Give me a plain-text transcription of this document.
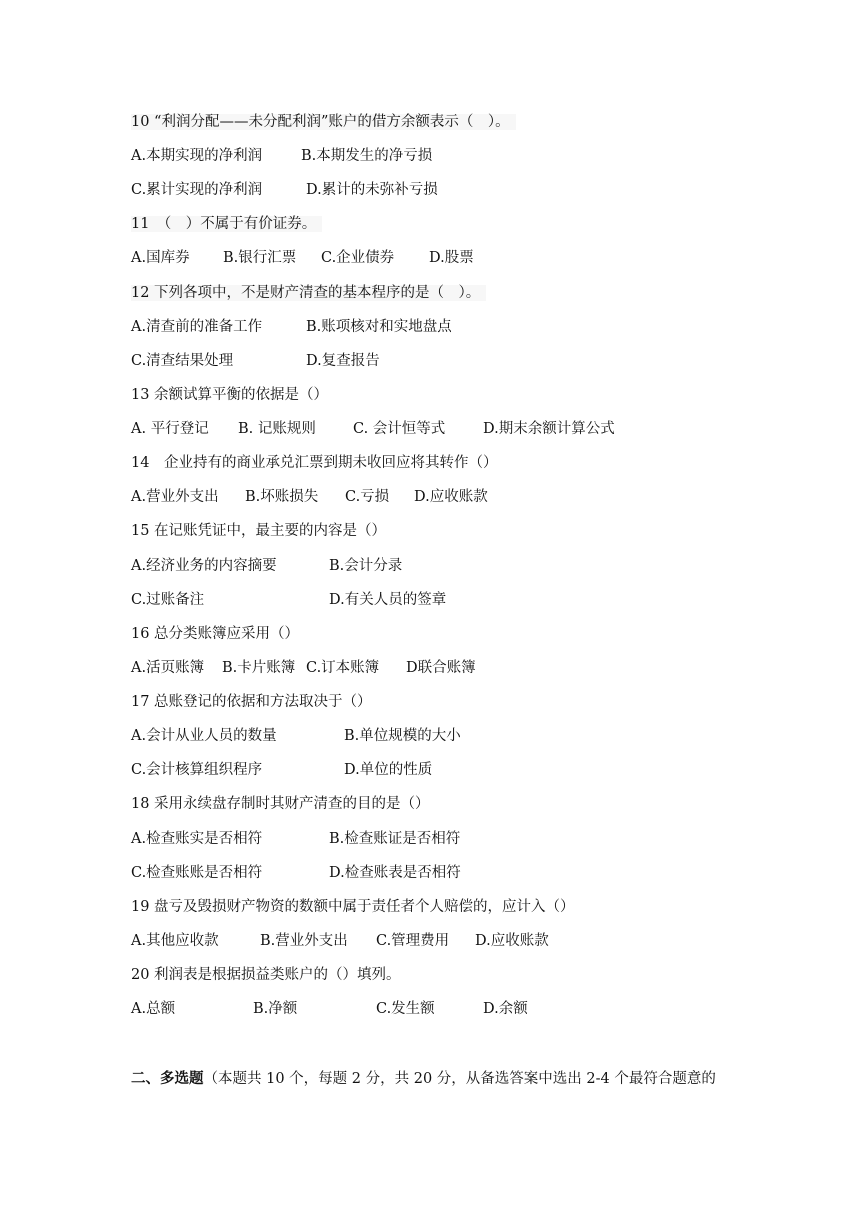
10 “利润分配——未分配利润”账户的借方余额表示（　）。
A.本期实现的净利润	B.本期发生的净亏损
C.累计实现的净利润	D.累计的未弥补亏损
11　（　）不属于有价证券。
A.国库券 B.银行汇票 C.企业债券 D.股票
12 下列各项中，不是财产清查的基本程序的是（　）。
A.清查前的准备工作	B.账项核对和实地盘点
C.清查结果处理	D.复查报告
13 余额试算平衡的依据是（）
A. 平行登记 B. 记账规则	C. 会计恒等式	D.期末余额计算公式
14　企业持有的商业承兑汇票到期未收回应将其转作（）
A.营业外支出 B.坏账损失 C.亏损 D.应收账款
15 在记账凭证中，最主要的内容是（）
A.经济业务的内容摘要	B.会计分录
C.过账备注	D.有关人员的签章
16 总分类账簿应采用（）
A.活页账簿 B.卡片账簿 C.订本账簿 D联合账簿
17 总账登记的依据和方法取决于（）
A.会计从业人员的数量	B.单位规模的大小
C.会计核算组织程序	D.单位的性质
18 采用永续盘存制时其财产清查的目的是（）
A.检查账实是否相符	B.检查账证是否相符
C.检查账账是否相符	D.检查账表是否相符
19 盘亏及毁损财产物资的数额中属于责任者个人赔偿的，应计入（）
A.其他应收款	B.营业外支出 C.管理费用 D.应收账款
20 利润表是根据损益类账户的（）填列。
A.总额	B.净额	C.发生额	D.余额
二、多选题（本题共 10 个，每题 2 分，共 20 分，从备选答案中选出 2-4 个最符合题意的
